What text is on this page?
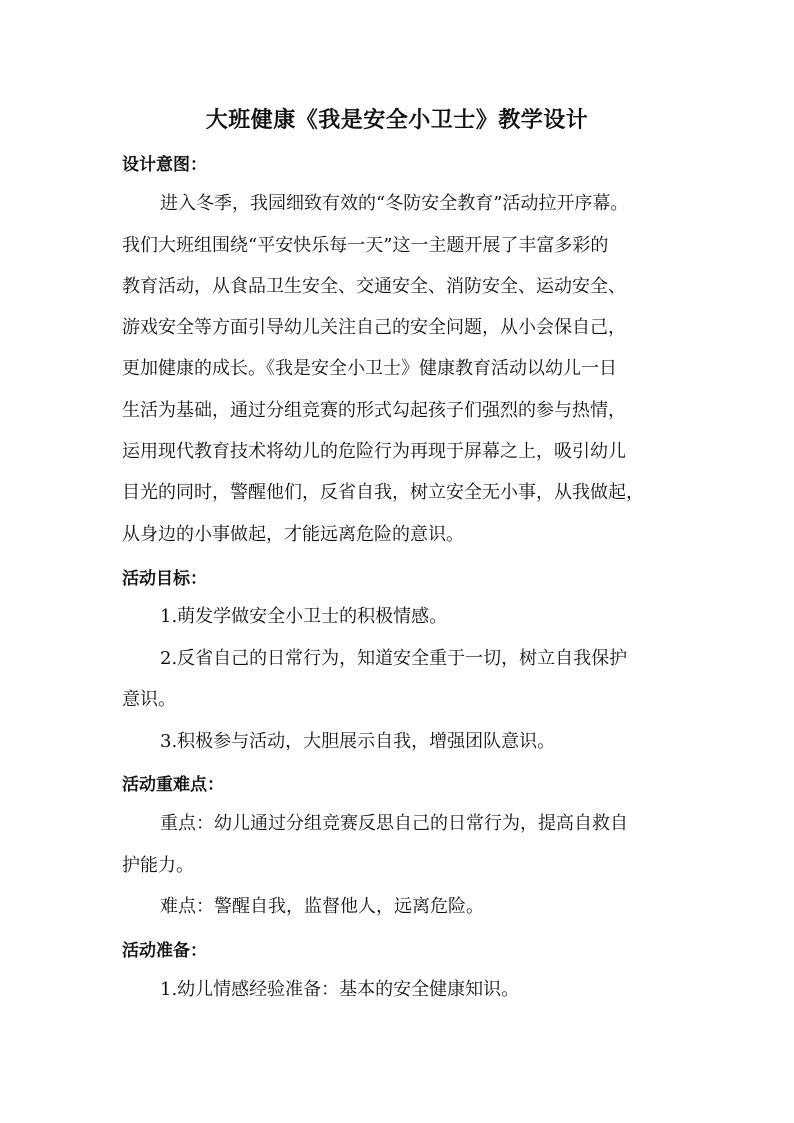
大班健康《我是安全小卫士》教学设计
设计意图：
进入冬季，我园细致有效的“冬防安全教育”活动拉开序幕。
我们大班组围绕“平安快乐每一天”这一主题开展了丰富多彩的
教育活动，从食品卫生安全、交通安全、消防安全、运动安全、
游戏安全等方面引导幼儿关注自己的安全问题，从小会保自己，
更加健康的成长。《我是安全小卫士》健康教育活动以幼儿一日
生活为基础，通过分组竞赛的形式勾起孩子们强烈的参与热情，
运用现代教育技术将幼儿的危险行为再现于屏幕之上，吸引幼儿
目光的同时，警醒他们，反省自我，树立安全无小事，从我做起，
从身边的小事做起，才能远离危险的意识。
活动目标：
1.萌发学做安全小卫士的积极情感。
2.反省自己的日常行为，知道安全重于一切，树立自我保护
意识。
3.积极参与活动，大胆展示自我，增强团队意识。
活动重难点：
重点：幼儿通过分组竞赛反思自己的日常行为，提高自救自
护能力。
难点：警醒自我，监督他人，远离危险。
活动准备：
1.幼儿情感经验准备：基本的安全健康知识。
